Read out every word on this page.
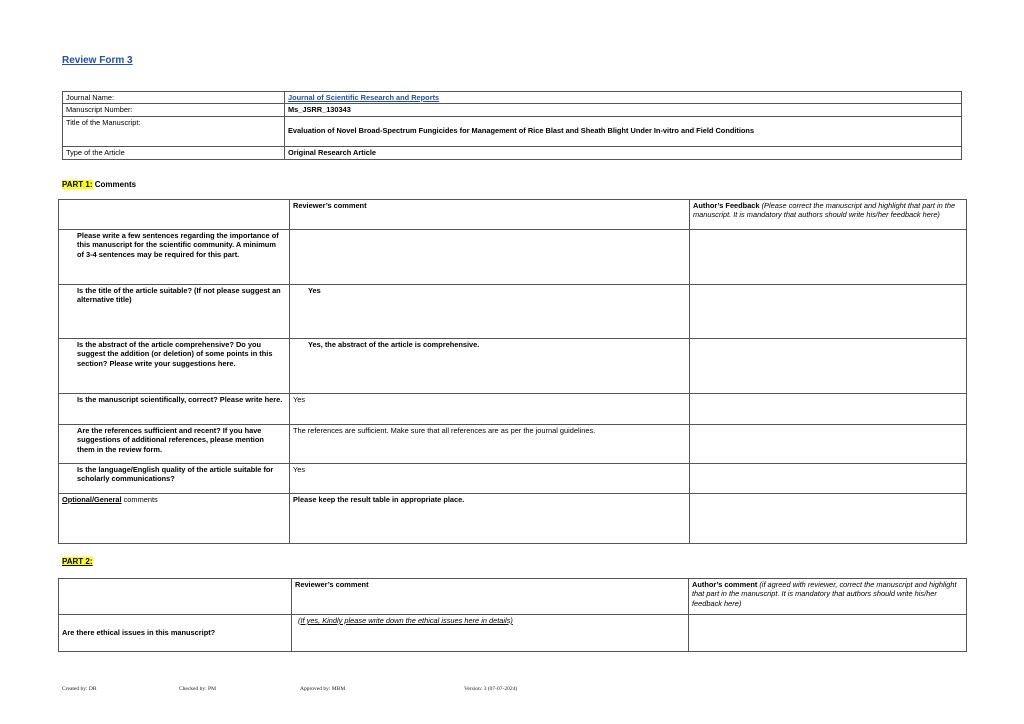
Review Form 3
Journal Name:	Journal of Scientific Research and Reports
Manuscript Number:	Ms_JSRR_130343
Title of the Manuscript:	Evaluation of Novel Broad-Spectrum Fungicides for Management of Rice Blast and Sheath Blight Under In-vitro and Field Conditions
Type of the Article	Original Research Article
PART 1: Comments
	Reviewer’s comment	Author’s Feedback (Please correct the manuscript and highlight that part in the manuscript. It is mandatory that authors should write his/her feedback here)
Please write a few sentences regarding the importance of this manuscript for the scientific community. A minimum of 3-4 sentences may be required for this part.		
Is the title of the article suitable? (If not please suggest an alternative title)	Yes	
Is the abstract of the article comprehensive? Do you suggest the addition (or deletion) of some points in this section? Please write your suggestions here.	Yes, the abstract of the article is comprehensive.	
Is the manuscript scientifically, correct? Please write here.	Yes	
Are the references sufficient and recent? If you have suggestions of additional references, please mention them in the review form.	The references are sufficient. Make sure that all references are as per the journal guidelines.	
Is the language/English quality of the article suitable for scholarly communications?	Yes	
Optional/General comments	Please keep the result table in appropriate place.	
PART 2:
	Reviewer’s comment	Author’s comment (if agreed with reviewer, correct the manuscript and highlight that part in the manuscript. It is mandatory that authors should write his/her feedback here)
Are there ethical issues in this manuscript?	(If yes, Kindly please write down the ethical issues here in details)	
Created by: DR	Checked by: PM	Approved by: MBM	Version: 3 (07-07-2024)
